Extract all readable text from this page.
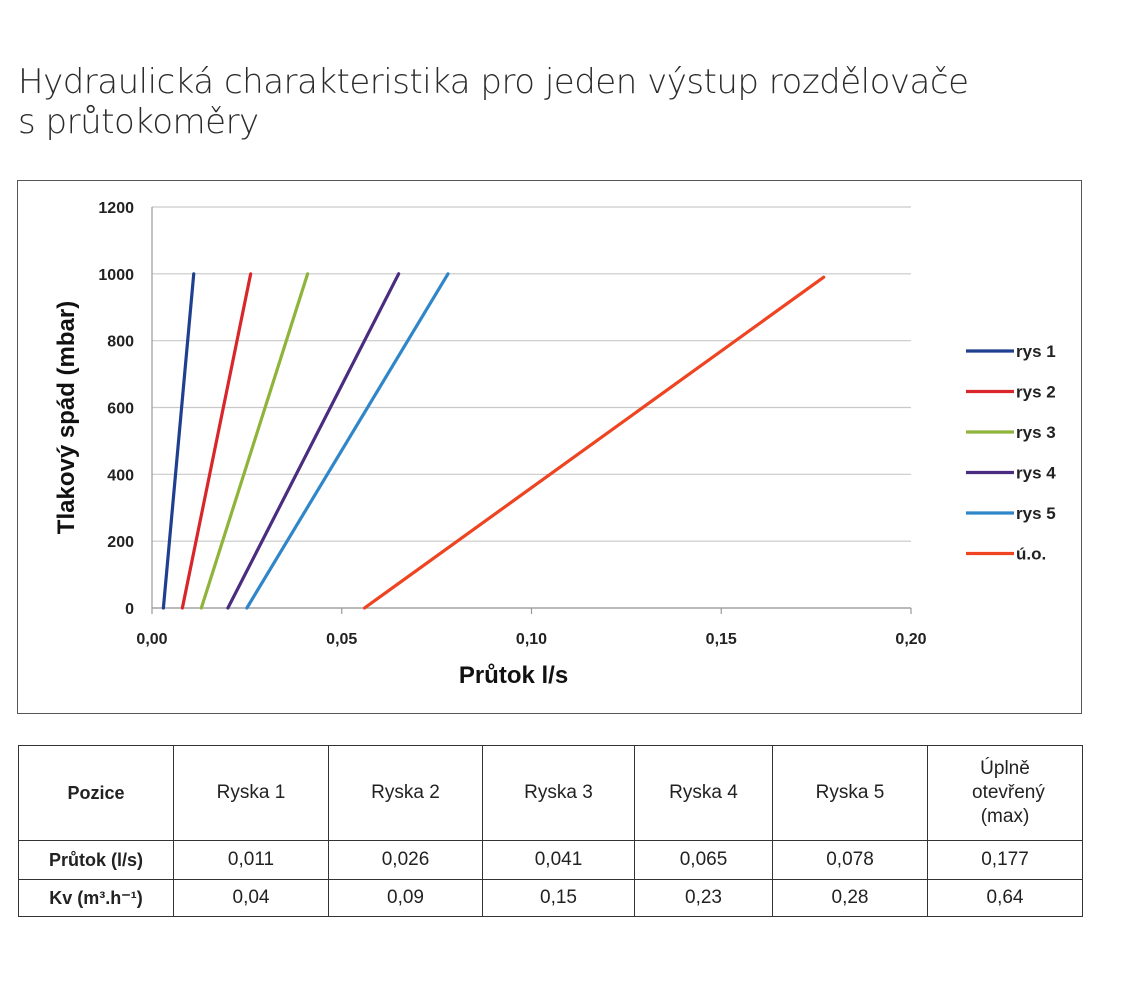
Hydraulická charakteristika pro jeden výstup rozdělovače
s průtokoměry
0
200
400
600
800
1000
1200
0,00	0,05	0,10	0,15	0,20
rys 1
rys 2
rys 3
rys 4
rys 5
ú.o.
Průtok l/s
Tlakový spád (mbar)
Pozice	Ryska 1	Ryska 2	Ryska 3	Ryska 4	Ryska 5	Úplně otevřený (max)
Průtok (l/s)	0,011	0,026	0,041	0,065	0,078	0,177
Kv (m³.h⁻¹)	0,04	0,09	0,15	0,23	0,28	0,64
